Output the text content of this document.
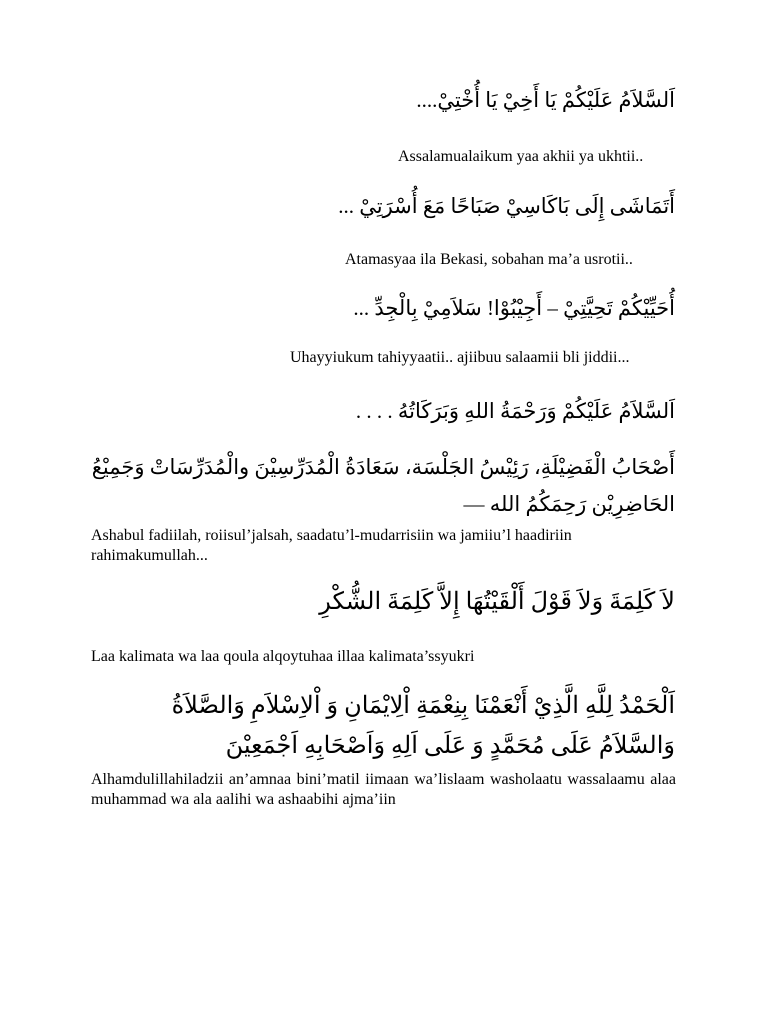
اَلسَّلاَمُ عَلَيْكُمْ يَا أَخِيْ يَا أُخْتِيْ....
Assalamualaikum yaa akhii ya ukhtii..
أَتَمَاشَى إِلَى بَاكَاسِيْ صَبَاحًا مَعَ أُسْرَتِيْ ...
Atamasyaa ila Bekasi, sobahan ma’a usrotii..
أُحَيِّيْكُمْ تَحِيَّتِيْ – أَجِيْبُوْا! سَلاَمِيْ بِالْجِدِّ ...
Uhayyiukum tahiyyaatii.. ajiibuu salaamii bli jiddii...
اَلسَّلاَمُ عَلَيْكُمْ وَرَحْمَةُ اللهِ وَبَرَكَاتُهُ . . . .
أَصْحَابُ الْفَضِيْلَةِ، رَئِيْسُ الجَلْسَة، سَعَادَةُ الْمُدَرِّسِيْنَ والْمُدَرِّسَاتْ وَجَمِيْعُ الحَاضِرِيْن رَحِمَكُمُ الله —
Ashabul fadiilah, roiisul’jalsah, saadatu’l-mudarrisiin wa jamiiu’l haadiriin rahimakumullah...
لاَ كَلِمَةَ وَلاَ قَوْلَ أَلْقَيْتُهَا إِلاَّ كَلِمَةَ الشُّكْرِ
Laa kalimata wa laa qoula alqoytuhaa illaa kalimata’ssyukri
اَلْحَمْدُ لِلَّهِ الَّذِيْ أَنْعَمْنَا بِنِعْمَةِ اْلِايْمَانِ وَ اْلاِسْلاَمِ وَالصَّلاَةُ وَالسَّلاَمُ عَلَى مُحَمَّدٍ وَ عَلَى اَلِهِ وَاَصْحَابِهِ اَجْمَعِيْنَ
Alhamdulillahiladzii an’amnaa bini’matil iimaan wa’lislaam washolaatu wassalaamu alaa muhammad wa ala aalihi wa ashaabihi ajma’iin
